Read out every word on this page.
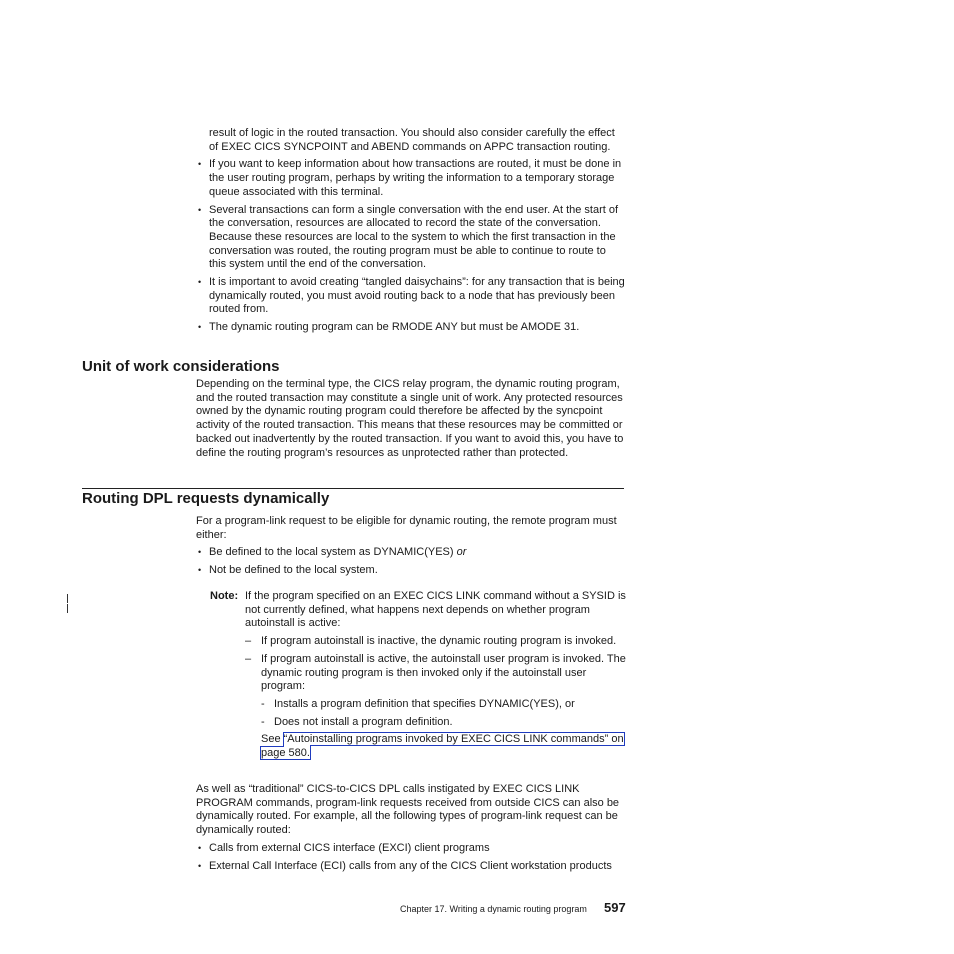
result of logic in the routed transaction. You should also consider carefully the effect of EXEC CICS SYNCPOINT and ABEND commands on APPC transaction routing.

• If you want to keep information about how transactions are routed, it must be done in the user routing program, perhaps by writing the information to a temporary storage queue associated with this terminal.
• Several transactions can form a single conversation with the end user. At the start of the conversation, resources are allocated to record the state of the conversation. Because these resources are local to the system to which the first transaction in the conversation was routed, the routing program must be able to continue to route to this system until the end of the conversation.
• It is important to avoid creating “tangled daisychains”: for any transaction that is being dynamically routed, you must avoid routing back to a node that has previously been routed from.
• The dynamic routing program can be RMODE ANY but must be AMODE 31.
Unit of work considerations

Depending on the terminal type, the CICS relay program, the dynamic routing program, and the routed transaction may constitute a single unit of work. Any protected resources owned by the dynamic routing program could therefore be affected by the syncpoint activity of the routed transaction. This means that these resources may be committed or backed out inadvertently by the routed transaction. If you want to avoid this, you have to define the routing program’s resources as unprotected rather than protected.

Routing DPL requests dynamically

For a program-link request to be eligible for dynamic routing, the remote program must either:

• Be defined to the local system as DYNAMIC(YES) or
• Not be defined to the local system.
Note: If the program specified on an EXEC CICS LINK command without a SYSID is not currently defined, what happens next depends on whether program autoinstall is active:

– If program autoinstall is inactive, the dynamic routing program is invoked.
– If program autoinstall is active, the autoinstall user program is invoked. The dynamic routing program is then invoked only if the autoinstall user program:
- Installs a program definition that specifies DYNAMIC(YES), or
- Does not install a program definition.
See “Autoinstalling programs invoked by EXEC CICS LINK commands” on page 580.

As well as “traditional” CICS-to-CICS DPL calls instigated by EXEC CICS LINK PROGRAM commands, program-link requests received from outside CICS can also be dynamically routed. For example, all the following types of program-link request can be dynamically routed:

• Calls from external CICS interface (EXCI) client programs
• External Call Interface (ECI) calls from any of the CICS Client workstation products
Chapter 17. Writing a dynamic routing program 597
